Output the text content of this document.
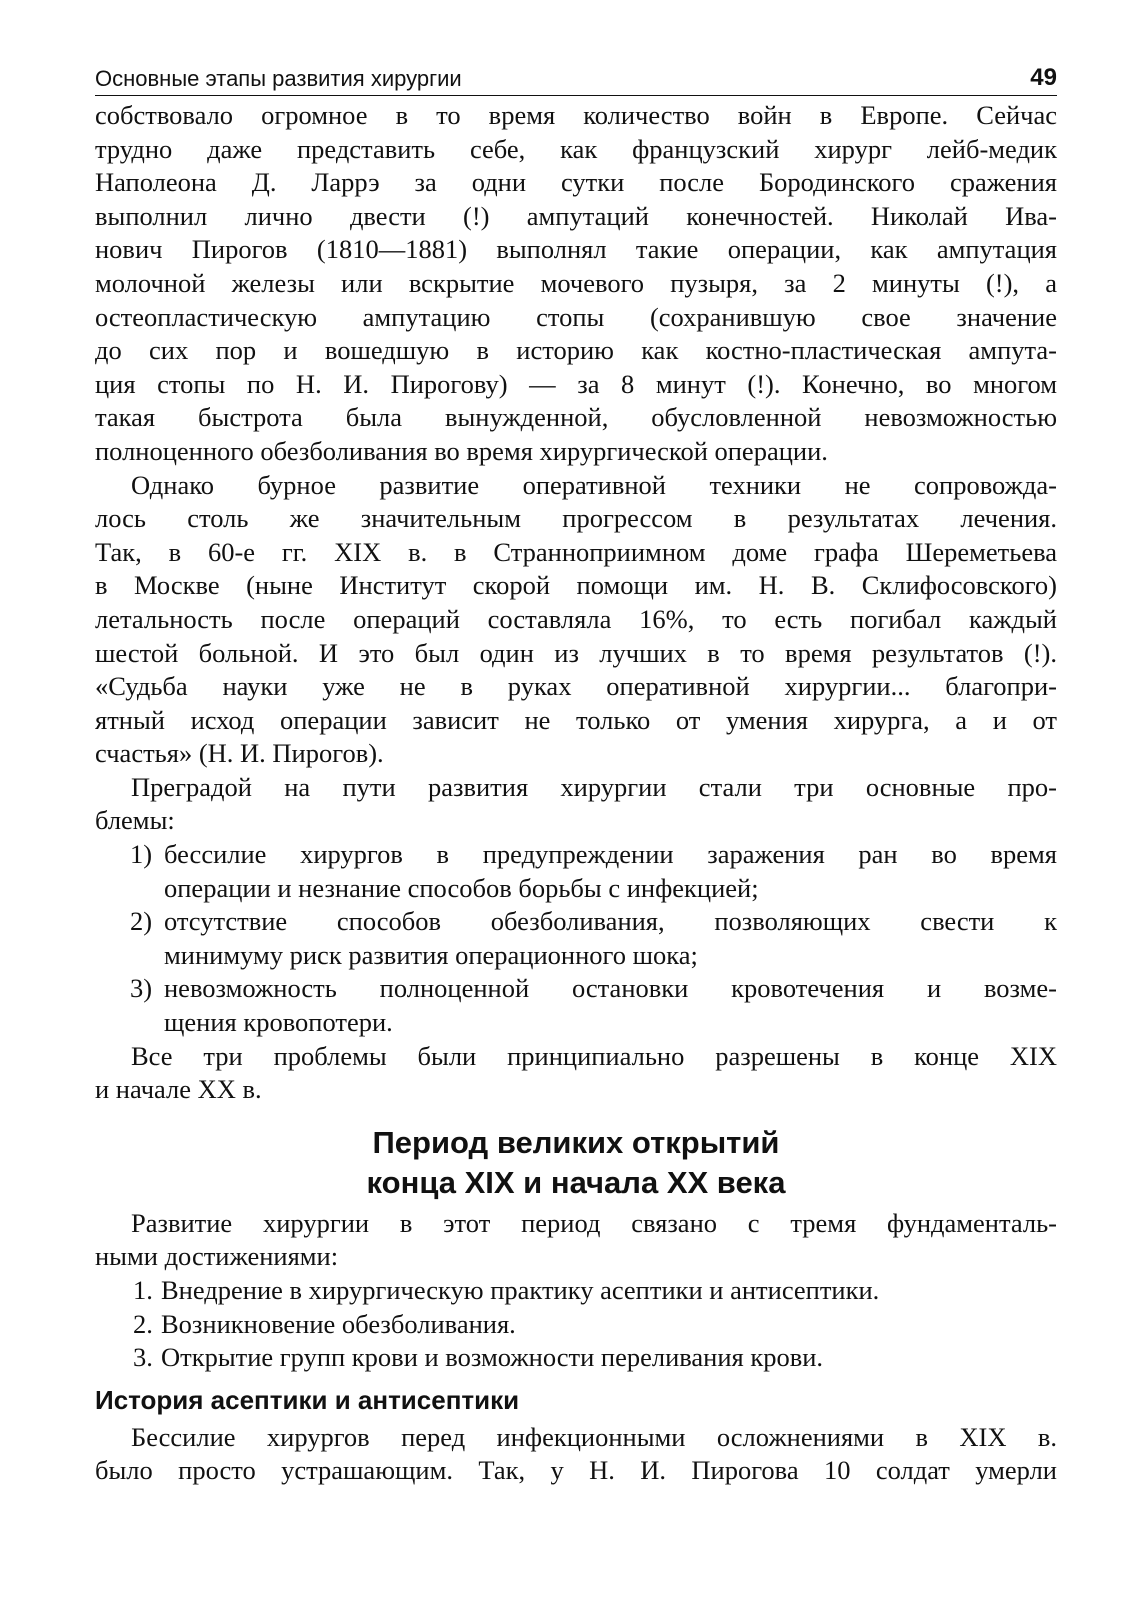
Основные этапы развития хирургии	49

собствовало огромное в то время количество войн в Европе. Сейчас

трудно даже представить себе, как французский хирург лейб-медик

Наполеона Д. Ларрэ за одни сутки после Бородинского сражения

выполнил лично двести (!) ампутаций конечностей. Николай Ива-

нович Пирогов (1810—1881) выполнял такие операции, как ампутация

молочной железы или вскрытие мочевого пузыря, за 2 минуты (!), а

остеопластическую ампутацию стопы (сохранившую свое значение

до сих пор и вошедшую в историю как костно-пластическая ампута-

ция стопы по Н. И. Пирогову) — за 8 минут (!). Конечно, во многом

такая быстрота была вынужденной, обусловленной невозможностью

полноценного обезболивания во время хирургической операции.

Однако бурное развитие оперативной техники не сопровожда-

лось столь же значительным прогрессом в результатах лечения.

Так, в 60-е гг. XIX в. в Странноприимном доме графа Шереметьева

в Москве (ныне Институт скорой помощи им. Н. В. Склифосовского)

летальность после операций составляла 16%, то есть погибал каждый

шестой больной. И это был один из лучших в то время результатов (!).

«Судьба науки уже не в руках оперативной хирургии... благопри-

ятный исход операции зависит не только от умения хирурга, а и от

счастья» (Н. И. Пирогов).

Преградой на пути развития хирургии стали три основные про-

блемы:

1) бессилие хирургов в предупреждении заражения ран во время
операции и незнание способов борьбы с инфекцией;
2) отсутствие способов обезболивания, позволяющих свести к
минимуму риск развития операционного шока;
3) невозможность полноценной остановки кровотечения и возме-
щения кровопотери.

Все три проблемы были принципиально разрешены в конце XIX

и начале XX в.

Период великих открытий
конца XIX и начала XX века

Развитие хирургии в этот период связано с тремя фундаменталь-

ными достижениями:

1. Внедрение в хирургическую практику асептики и антисептики.
2. Возникновение обезболивания.
3. Открытие групп крови и возможности переливания крови.
История асептики и антисептики

Бессилие хирургов перед инфекционными осложнениями в XIX в.

было просто устрашающим. Так, у Н. И. Пирогова 10 солдат умерли
